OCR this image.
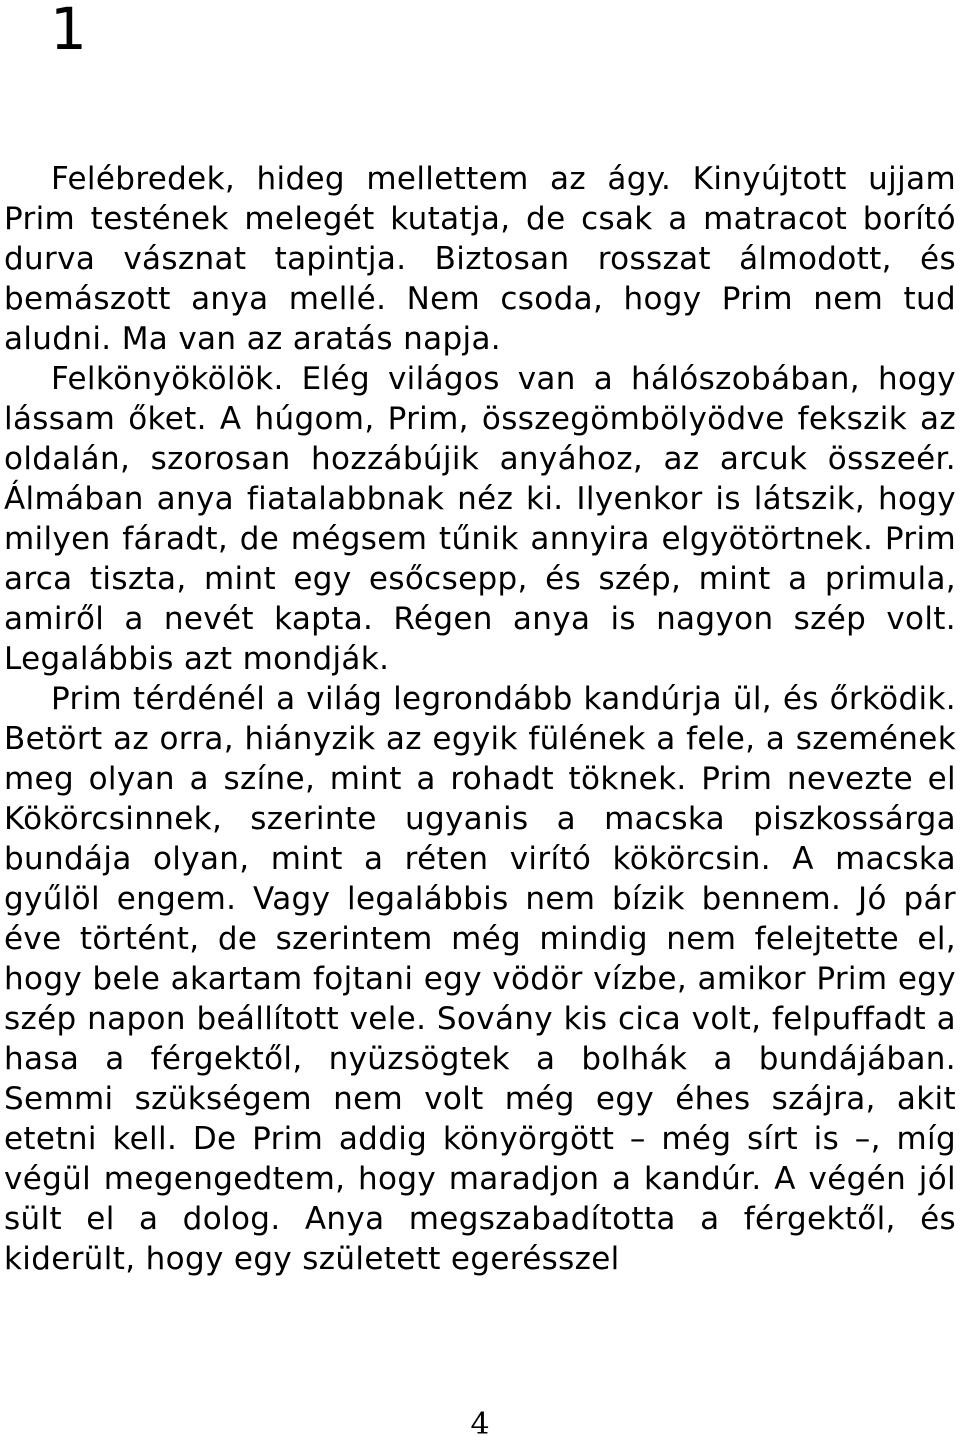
1

Felébredek, hideg mellettem az ágy. Kinyújtott ujjam Prim testének melegét kutatja, de csak a matracot borító durva vásznat tapintja. Biztosan rosszat álmodott, és bemászott anya mellé. Nem csoda, hogy Prim nem tud aludni. Ma van az aratás napja.

Felkönyökölök. Elég világos van a hálószobában, hogy lássam őket. A húgom, Prim, összegömbölyödve fekszik az oldalán, szorosan hozzábújik anyához, az arcuk összeér. Álmában anya fiatalabbnak néz ki. Ilyenkor is látszik, hogy milyen fáradt, de mégsem tűnik annyira elgyötörtnek. Prim arca tiszta, mint egy esőcsepp, és szép, mint a primula, amiről a nevét kapta. Régen anya is nagyon szép volt. Legalábbis azt mondják.

Prim térdénél a világ legrondább kandúrja ül, és őrködik. Betört az orra, hiányzik az egyik fülének a fele, a szemének meg olyan a színe, mint a rohadt töknek. Prim nevezte el Kökörcsinnek, szerinte ugyanis a macska piszkossárga bundája olyan, mint a réten virító kökörcsin. A macska gyűlöl engem. Vagy legalábbis nem bízik bennem. Jó pár éve történt, de szerintem még mindig nem felejtette el, hogy bele akartam fojtani egy vödör vízbe, amikor Prim egy szép napon beállított vele. Sovány kis cica volt, felpuffadt a hasa a férgektől, nyüzsögtek a bolhák a bundájában. Semmi szükségem nem volt még egy éhes szájra, akit etetni kell. De Prim addig könyörgött – még sírt is –, míg végül megengedtem, hogy maradjon a kandúr. A végén jól sült el a dolog. Anya megszabadította a férgektől, és kiderült, hogy egy született egerésszel

4
